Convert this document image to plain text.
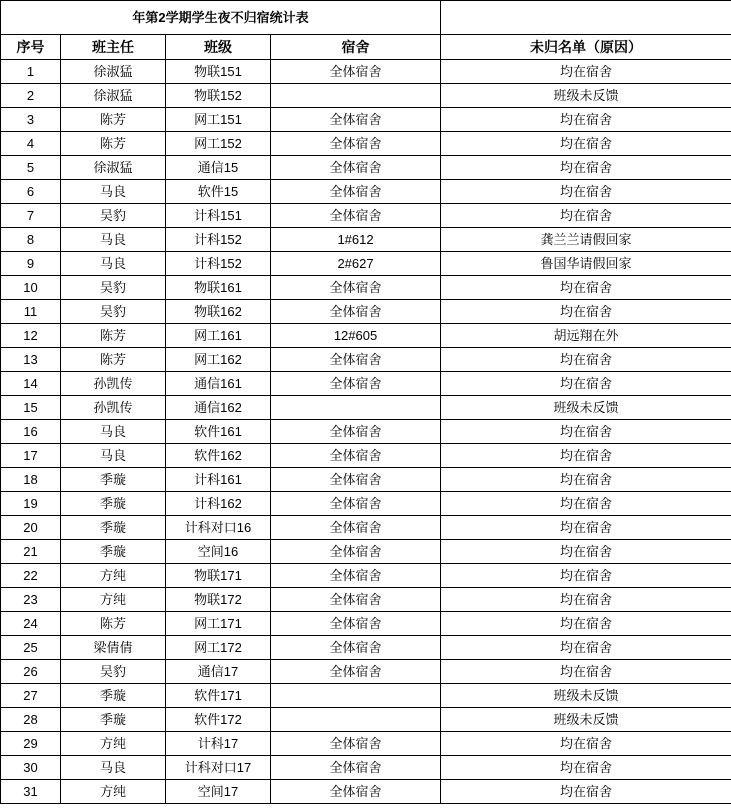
年第2学期学生夜不归宿统计表				
序号	班主任	班级	宿舍	未归名单（原因）
1	徐淑猛	物联151	全体宿舍	均在宿舍
2	徐淑猛	物联152		班级未反馈
3	陈芳	网工151	全体宿舍	均在宿舍
4	陈芳	网工152	全体宿舍	均在宿舍
5	徐淑猛	通信15	全体宿舍	均在宿舍
6	马良	软件15	全体宿舍	均在宿舍
7	吴豹	计科151	全体宿舍	均在宿舍
8	马良	计科152	1#612	龚兰兰请假回家
9	马良	计科152	2#627	鲁国华请假回家
10	吴豹	物联161	全体宿舍	均在宿舍
11	吴豹	物联162	全体宿舍	均在宿舍
12	陈芳	网工161	12#605	胡远翔在外
13	陈芳	网工162	全体宿舍	均在宿舍
14	孙凯传	通信161	全体宿舍	均在宿舍
15	孙凯传	通信162		班级未反馈
16	马良	软件161	全体宿舍	均在宿舍
17	马良	软件162	全体宿舍	均在宿舍
18	季璇	计科161	全体宿舍	均在宿舍
19	季璇	计科162	全体宿舍	均在宿舍
20	季璇	计科对口16	全体宿舍	均在宿舍
21	季璇	空间16	全体宿舍	均在宿舍
22	方纯	物联171	全体宿舍	均在宿舍
23	方纯	物联172	全体宿舍	均在宿舍
24	陈芳	网工171	全体宿舍	均在宿舍
25	梁倩倩	网工172	全体宿舍	均在宿舍
26	吴豹	通信17	全体宿舍	均在宿舍
27	季璇	软件171		班级未反馈
28	季璇	软件172		班级未反馈
29	方纯	计科17	全体宿舍	均在宿舍
30	马良	计科对口17	全体宿舍	均在宿舍
31	方纯	空间17	全体宿舍	均在宿舍
